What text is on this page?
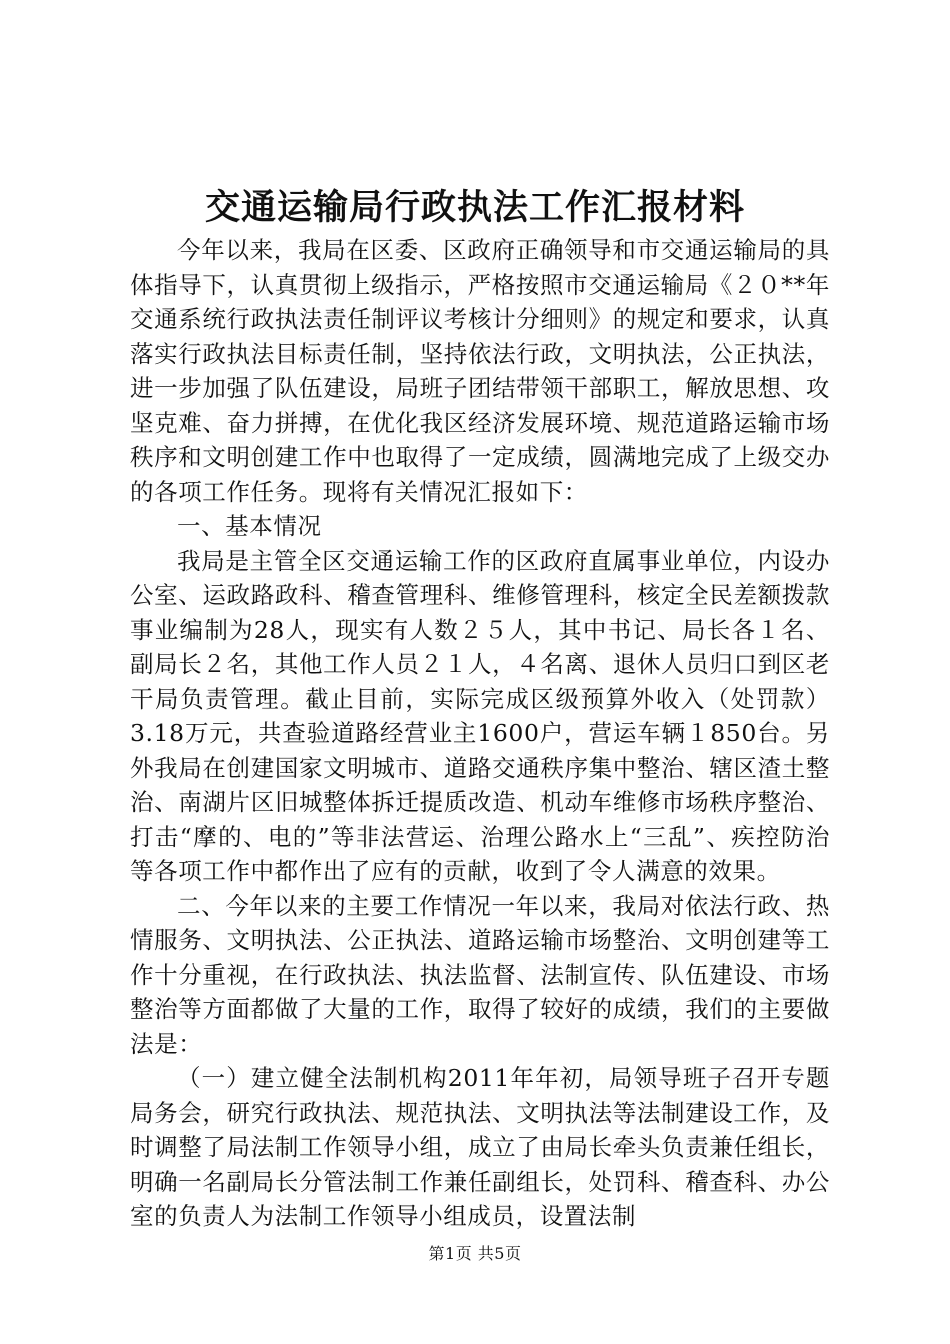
交通运输局行政执法工作汇报材料

今年以来，我局在区委、区政府正确领导和市交通运输局的具体指导下，认真贯彻上级指示，严格按照市交通运输局《２０**年交通系统行政执法责任制评议考核计分细则》的规定和要求，认真落实行政执法目标责任制，坚持依法行政，文明执法，公正执法，进一步加强了队伍建设，局班子团结带领干部职工，解放思想、攻坚克难、奋力拼搏，在优化我区经济发展环境、规范道路运输市场秩序和文明创建工作中也取得了一定成绩，圆满地完成了上级交办的各项工作任务。现将有关情况汇报如下：

一、基本情况

我局是主管全区交通运输工作的区政府直属事业单位，内设办公室、运政路政科、稽查管理科、维修管理科，核定全民差额拨款事业编制为28人，现实有人数２５人，其中书记、局长各１名、副局长２名，其他工作人员２１人，４名离、退休人员归口到区老干局负责管理。截止目前，实际完成区级预算外收入（处罚款）3.18万元，共查验道路经营业主1600户，营运车辆１850台。另外我局在创建国家文明城市、道路交通秩序集中整治、辖区渣土整治、南湖片区旧城整体拆迁提质改造、机动车维修市场秩序整治、打击“摩的、电的”等非法营运、治理公路水上“三乱”、疾控防治等各项工作中都作出了应有的贡献，收到了令人满意的效果。

二、今年以来的主要工作情况一年以来，我局对依法行政、热情服务、文明执法、公正执法、道路运输市场整治、文明创建等工作十分重视，在行政执法、执法监督、法制宣传、队伍建设、市场整治等方面都做了大量的工作，取得了较好的成绩，我们的主要做法是：

（一）建立健全法制机构2011年年初，局领导班子召开专题局务会，研究行政执法、规范执法、文明执法等法制建设工作，及时调整了局法制工作领导小组，成立了由局长牵头负责兼任组长，明确一名副局长分管法制工作兼任副组长，处罚科、稽查科、办公室的负责人为法制工作领导小组成员，设置法制

第1页 共5页
